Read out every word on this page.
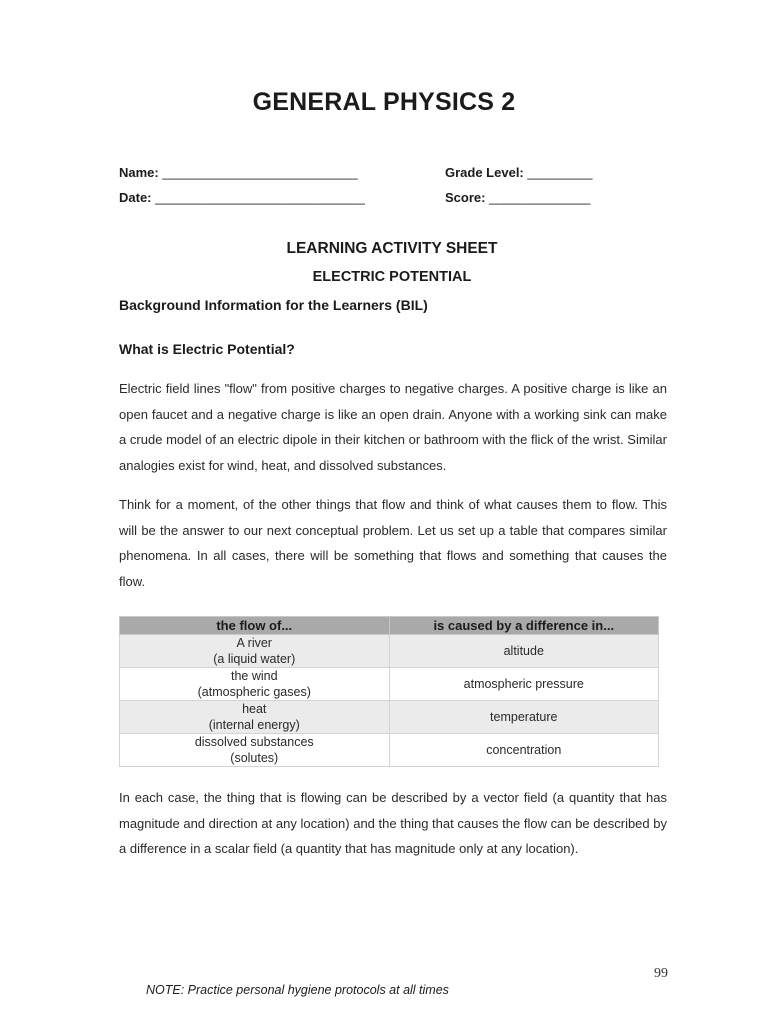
GENERAL PHYSICS 2
Name: ___________________________	Grade Level: _________
Date: _____________________________	Score: ______________
LEARNING ACTIVITY SHEET
ELECTRIC POTENTIAL
Background Information for the Learners (BIL)
What is Electric Potential?
Electric field lines "flow" from positive charges to negative charges. A positive charge is like an open faucet and a negative charge is like an open drain. Anyone with a working sink can make a crude model of an electric dipole in their kitchen or bathroom with the flick of the wrist. Similar analogies exist for wind, heat, and dissolved substances.
Think for a moment, of the other things that flow and think of what causes them to flow. This will be the answer to our next conceptual problem. Let us set up a table that compares similar phenomena. In all cases, there will be something that flows and something that causes the flow.
the flow of...	is caused by a difference in...

A river
(a liquid water)	altitude

the wind
(atmospheric gases)	atmospheric pressure

heat
(internal energy)	temperature

dissolved substances
(solutes)	concentration
In each case, the thing that is flowing can be described by a vector field (a quantity that has magnitude and direction at any location) and the thing that causes the flow can be described by a difference in a scalar field (a quantity that has magnitude only at any location).
99
NOTE: Practice personal hygiene protocols at all times
